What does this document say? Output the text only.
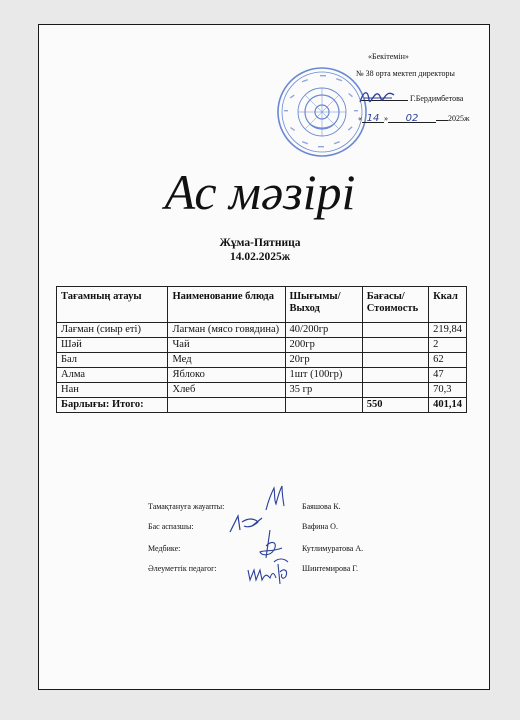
«Бекітемін»
№ 38 орта мектеп директоры
Г.Бердимбетова
« 14 » 02	2025ж
Ас мәзірі
Жұма-Пятница
14.02.2025ж
Тағамның атауы	Наименование блюда	Шығымы/ Выход	Бағасы/ Стоимость	Ккал
Лағман (сиыр еті)	Лагман (мясо говядина)	40/200гр		219,84
Шәй	Чай	200гр		2
Бал	Мед	20гр		62
Алма	Яблоко	1шт (100гр)		47
Нан	Хлеб	35 гр		70,3
Барлығы: Итого:			550	401,14
Тамақтануға жауапты:	Баяшова К.
Бас аспазшы:	Вафина О.
Медбике:	Кутлимуратова А.
Әлеуметтік педагог:	Шинтемирова Г.
